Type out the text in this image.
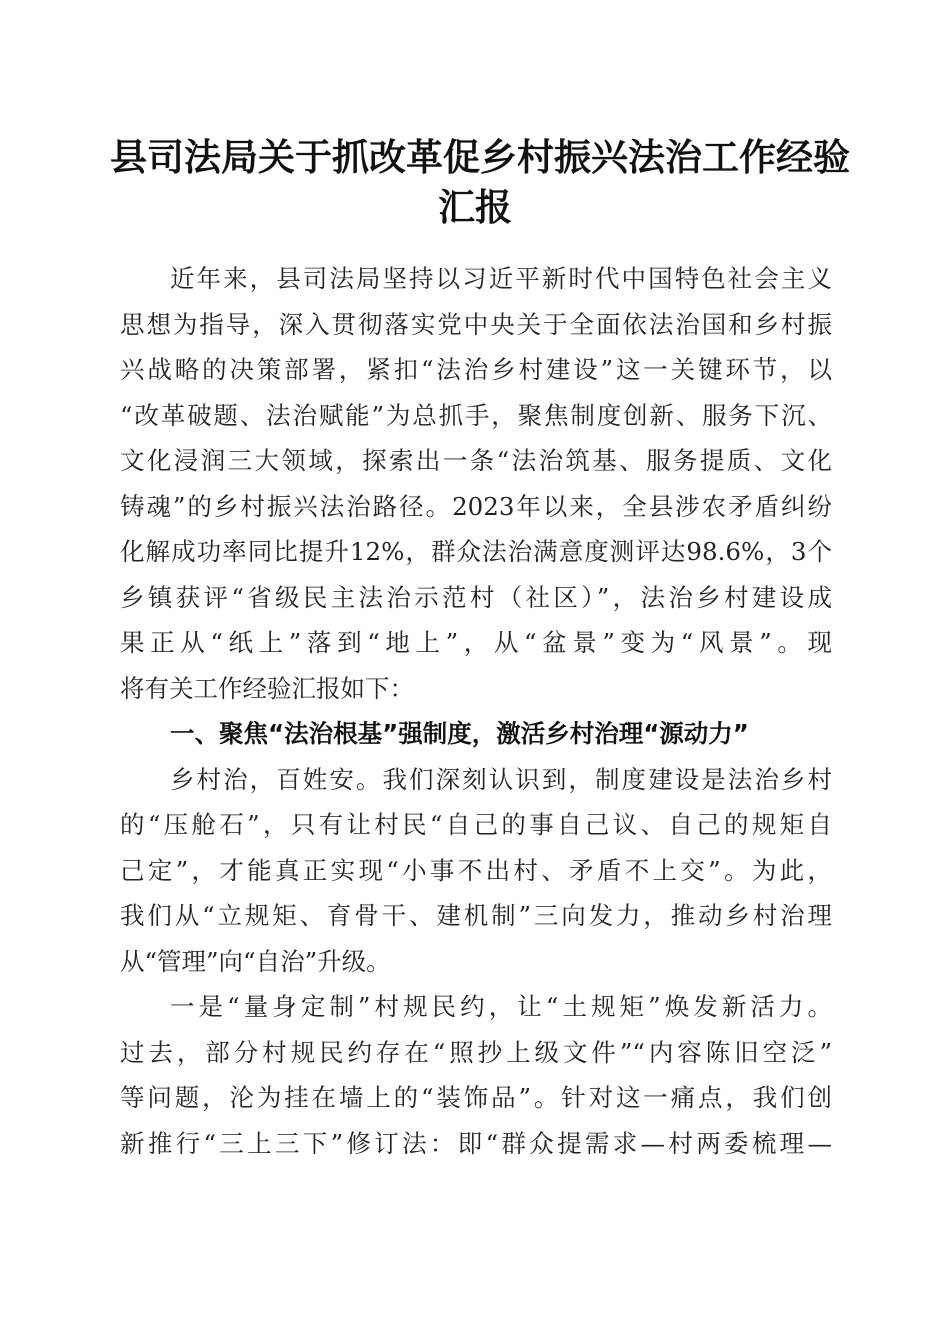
县司法局关于抓改革促乡村振兴法治工作经验
汇报
近年来，县司法局坚持以习近平新时代中国特色社会主义
思想为指导，深入贯彻落实党中央关于全面依法治国和乡村振
兴战略的决策部署，紧扣“法治乡村建设”这一关键环节，以
“改革破题、法治赋能”为总抓手，聚焦制度创新、服务下沉、
文化浸润三大领域，探索出一条“法治筑基、服务提质、文化
铸魂”的乡村振兴法治路径。2023年以来，全县涉农矛盾纠纷
化解成功率同比提升12%，群众法治满意度测评达98.6%，3个
乡镇获评“省级民主法治示范村（社区）”，法治乡村建设成
果正从“纸上”落到“地上”，从“盆景”变为“风景”。现
将有关工作经验汇报如下：
一、聚焦“法治根基”强制度，激活乡村治理“源动力”
乡村治，百姓安。我们深刻认识到，制度建设是法治乡村
的“压舱石”，只有让村民“自己的事自己议、自己的规矩自
己定”，才能真正实现“小事不出村、矛盾不上交”。为此，
我们从“立规矩、育骨干、建机制”三向发力，推动乡村治理
从“管理”向“自治”升级。
一是“量身定制”村规民约，让“土规矩”焕发新活力。
过去，部分村规民约存在“照抄上级文件”“内容陈旧空泛”
等问题，沦为挂在墙上的“装饰品”。针对这一痛点，我们创
新推行“三上三下”修订法：即“群众提需求—村两委梳理—
